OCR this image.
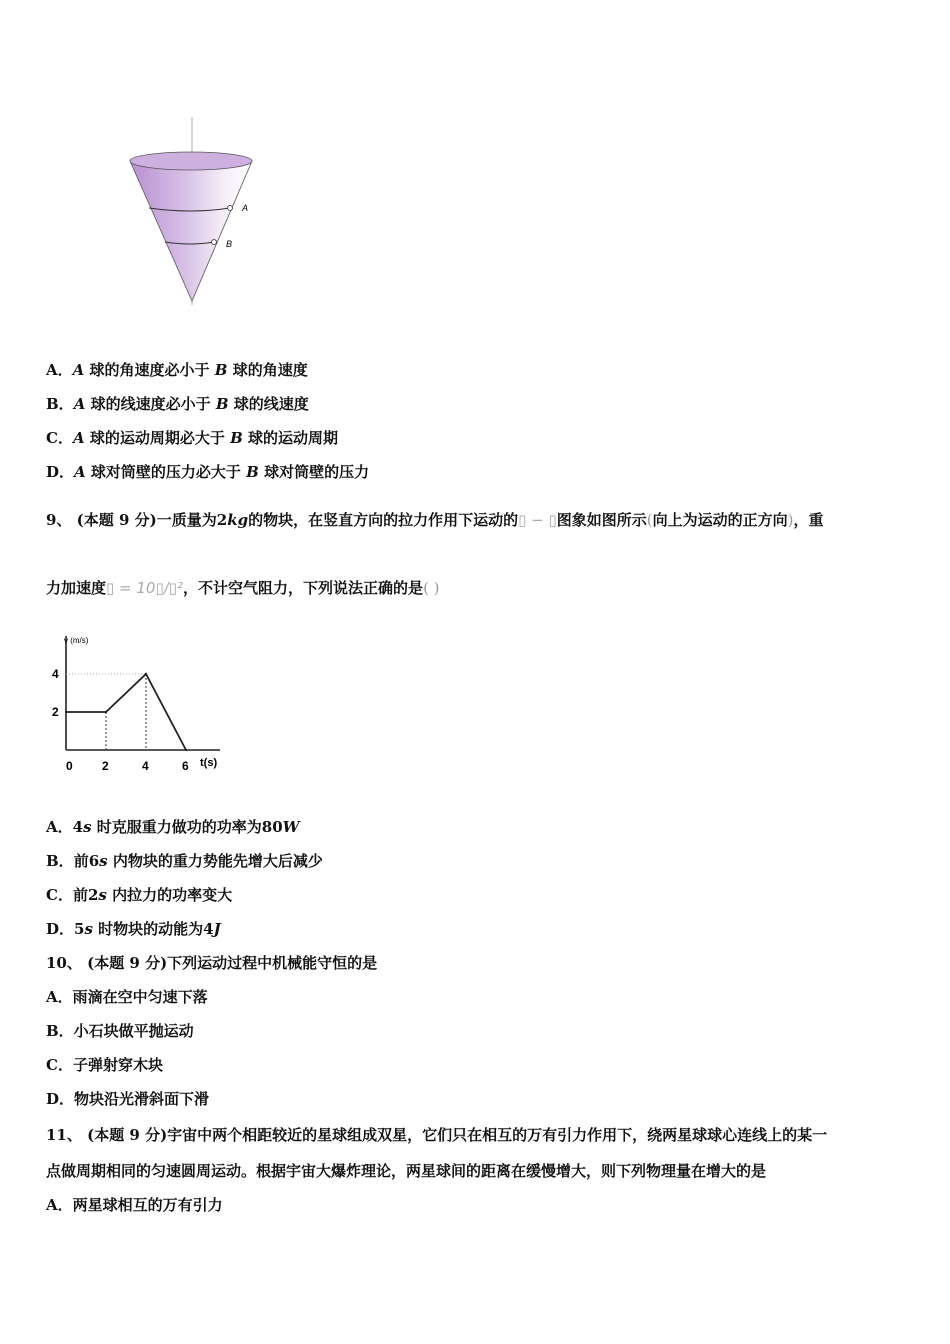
A
B
A．A 球的角速度必小于 B 球的角速度
B．A 球的线速度必小于 B 球的线速度
C．A 球的运动周期必大于 B 球的运动周期
D．A 球对筒壁的压力必大于 B 球对筒壁的压力
9、 (本题 9 分)一质量为2kg的物块，在竖直方向的拉力作用下运动的▯ − ▯图象如图所示(向上为运动的正方向)，重
力加速度▯ = 10▯/▯²，不计空气阻力，下列说法正确的是( )
v (m/s)
t(s)
0 2	4	6
2
4
A．4s 时克服重力做功的功率为80W
B．前6s 内物块的重力势能先增大后减少
C．前2s 内拉力的功率变大
D．5s 时物块的动能为4J
10、 (本题 9 分)下列运动过程中机械能守恒的是
A．雨滴在空中匀速下落
B．小石块做平抛运动
C．子弹射穿木块
D．物块沿光滑斜面下滑
11、 (本题 9 分)宇宙中两个相距较近的星球组成双星，它们只在相互的万有引力作用下，绕两星球球心连线上的某一
点做周期相同的匀速圆周运动。根据宇宙大爆炸理论，两星球间的距离在缓慢增大，则下列物理量在增大的是
A．两星球相互的万有引力
